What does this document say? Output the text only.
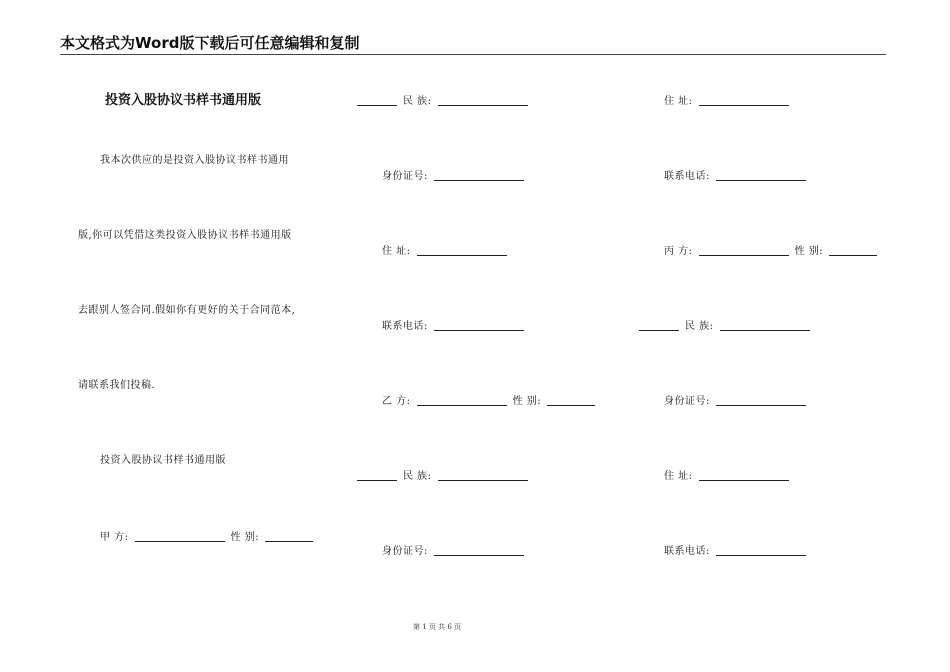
本文格式为Word版下载后可任意编辑和复制
投资入股协议书样书通用版
我本次供应的是投资入股协议书样书通用
版,你可以凭借这类投资入股协议书样书通用版
去跟别人签合同.假如你有更好的关于合同范本,
请联系我们投稿.
投资入股协议书样书通用版
甲 方:	性 别:
民 族:
身份证号:
住 址:
联系电话:
乙 方:	性 别:
民 族:
身份证号:
住 址:
联系电话:
丙 方:	性 别:
民 族:
身份证号:
住 址:
联系电话:
第 1 页 共 6 页
